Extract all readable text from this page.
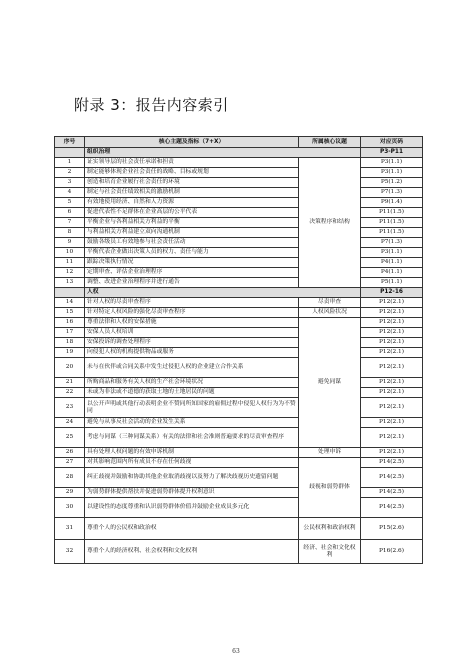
附录 3：报告内容索引
序号	核心主题及指标（7+X）	所属核心议题	对应页码
	组织治理		P3-P11
1	证实领导层的社会责任承诺和担责	决策程序和结构	P3(1.1)
2	制定能够体现企业社会责任的战略、目标或规划		P3(1.1)
3	创造和培育企业履行社会责任的环境		P5(1.2)
4	制定与社会责任绩效相关的激励机制		P7(1.3)
5	有效地使用经济、自然和人力资源		P9(1.4)
6	促进代表性不足群体在企业高层的公平代表		P11(1.5)
7	平衡企业与各利益相关方利益的平衡		P11(1.5)
8	与利益相关方利益建立双向沟通机制		P11(1.5)
9	鼓励各级员工有效地参与社会责任活动		P7(1.3)
10	平衡代表企业做出决策人员的权力、责任与能力		P3(1.1)
11	跟踪决策执行情况		P4(1.1)
12	定期审查、评估企业治理程序		P4(1.1)
13	调整、改进企业治理程序并进行通告		P5(1.1)
	人权		P12-16
14	针对人权的尽责审查程序	尽责审查	P12(2.1)
15	针对特定人权风险的强化尽责审查程序	人权风险状况	P12(2.1)
16	尊重法律和人权的安保措施	避免同谋	P12(2.1)
17	安保人员人权培训		P12(2.1)
18	安保投诉的调查处理程序		P12(2.1)
19	向侵犯人权的机构提供物品或服务		P12(2.1)
20	未与在伙伴或合同关系中发生过侵犯人权的企业建立合作关系		P12(2.1)
21	所购商品和服务有关人权的生产社会环境状况		P12(2.1)
22	未或为非法或不道德的获取土地的土地居民的问题		P12(2.1)
23	以公开声明或其他行动表明企业不赞同所知国家的雇佣过程中侵犯人权行为为不赞同		P12(2.1)
24	避免与从事反社会活动的企业发生关系		P12(2.1)
25	考虑与同谋（三种同谋关系）有关的法律和社会准则普遍要求的尽责审查程序		P12(2.1)
26	具有处理人权问题的有效申诉机制	处理申诉	P12(2.1)
27	对其影响范围内所有成员不存在任何歧视	歧视和弱势群体	P14(2.5)
28	纠正歧视并鼓励和协助其他企业取消歧视以及努力了解决歧视历史遗留问题		P14(2.5)
29	为弱势群体提供帮扶并促进弱势群体提升权利意识		P14(2.5)
30	以建设性的态度尊重和认识弱势群体价值并鼓励企业成员多元化		P14(2.5)
31	尊重个人的公民权和政治权	公民权利和政治权利	P15(2.6)
32	尊重个人的经济权利、社会权利和文化权利	经济、社会和文化权利	P16(2.6)
63
